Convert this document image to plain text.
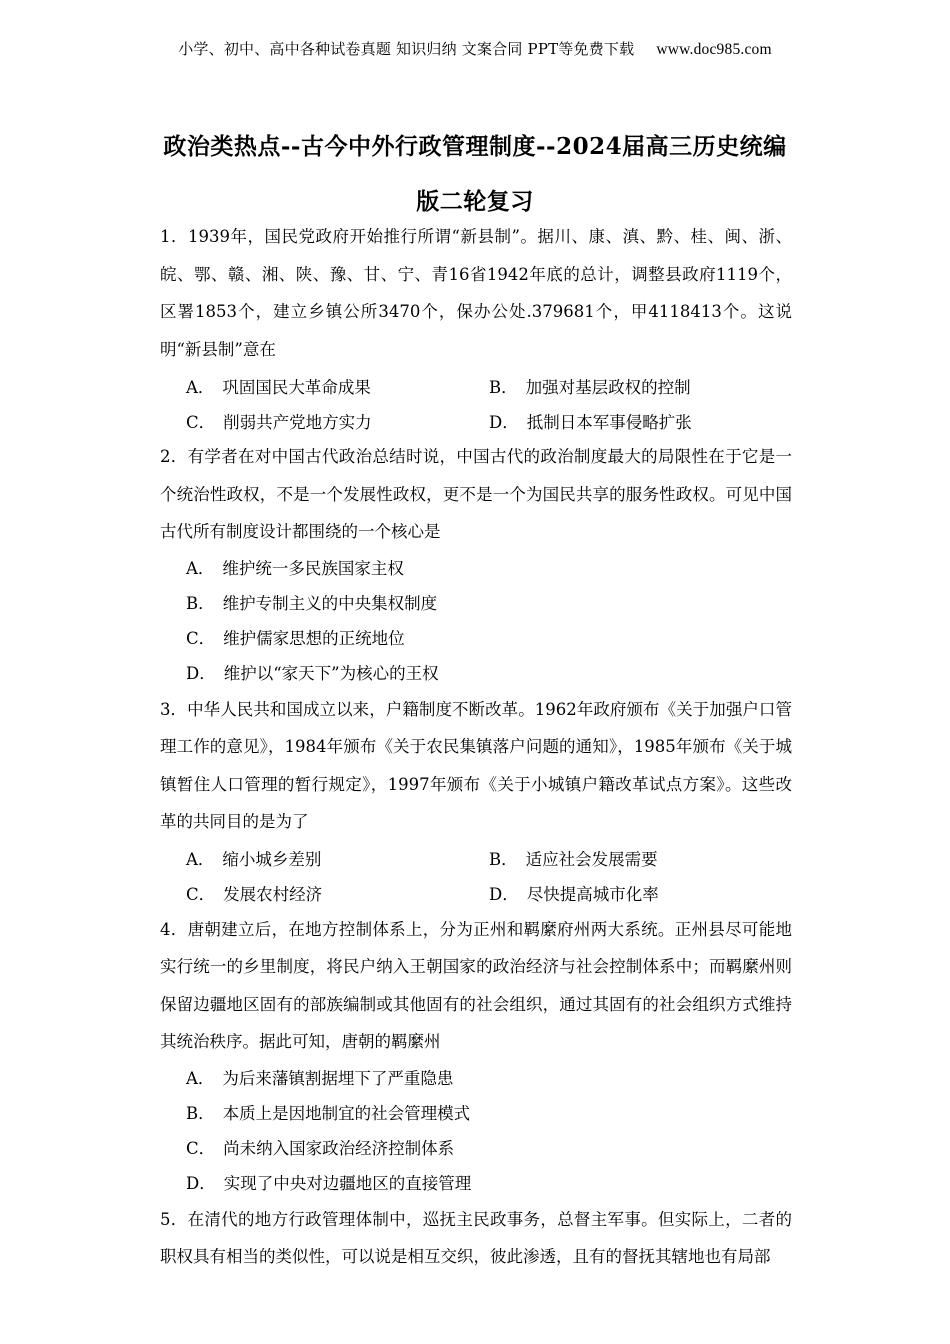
小学、初中、高中各种试卷真题 知识归纳 文案合同 PPT等免费下载 www.doc985.com
政治类热点--古今中外行政管理制度--2024届高三历史统编
版二轮复习

1．1939年，国民党政府开始推行所谓“新县制”。据川、康、滇、黔、桂、闽、浙、皖、鄂、赣、湘、陕、豫、甘、宁、青16省1942年底的总计，调整县政府1119个，区署1853个，建立乡镇公所3470个，保办公处.379681个，甲4118413个。这说明“新县制”意在

A． 巩固国民大革命成果	B． 加强对基层政权的控制
C． 削弱共产党地方实力	D． 抵制日本军事侵略扩张

2．有学者在对中国古代政治总结时说，中国古代的政治制度最大的局限性在于它是一个统治性政权，不是一个发展性政权，更不是一个为国民共享的服务性政权。可见中国古代所有制度设计都围绕的一个核心是

A． 维护统一多民族国家主权
B． 维护专制主义的中央集权制度
C． 维护儒家思想的正统地位
D． 维护以“家天下”为核心的王权

3．中华人民共和国成立以来，户籍制度不断改革。1962年政府颁布《关于加强户口管理工作的意见》，1984年颁布《关于农民集镇落户问题的通知》，1985年颁布《关于城镇暂住人口管理的暂行规定》，1997年颁布《关于小城镇户籍改革试点方案》。这些改革的共同目的是为了

A． 缩小城乡差别	B． 适应社会发展需要
C． 发展农村经济	D． 尽快提高城市化率

4．唐朝建立后，在地方控制体系上，分为正州和羁縻府州两大系统。正州县尽可能地实行统一的乡里制度，将民户纳入王朝国家的政治经济与社会控制体系中；而羁縻州则保留边疆地区固有的部族编制或其他固有的社会组织，通过其固有的社会组织方式维持其统治秩序。据此可知，唐朝的羁縻州

A． 为后来藩镇割据埋下了严重隐患
B． 本质上是因地制宜的社会管理模式
C． 尚未纳入国家政治经济控制体系
D． 实现了中央对边疆地区的直接管理

5．在清代的地方行政管理体制中，巡抚主民政事务，总督主军事。但实际上，二者的职权具有相当的类似性，可以说是相互交织，彼此渗透，且有的督抚其辖地也有局部
